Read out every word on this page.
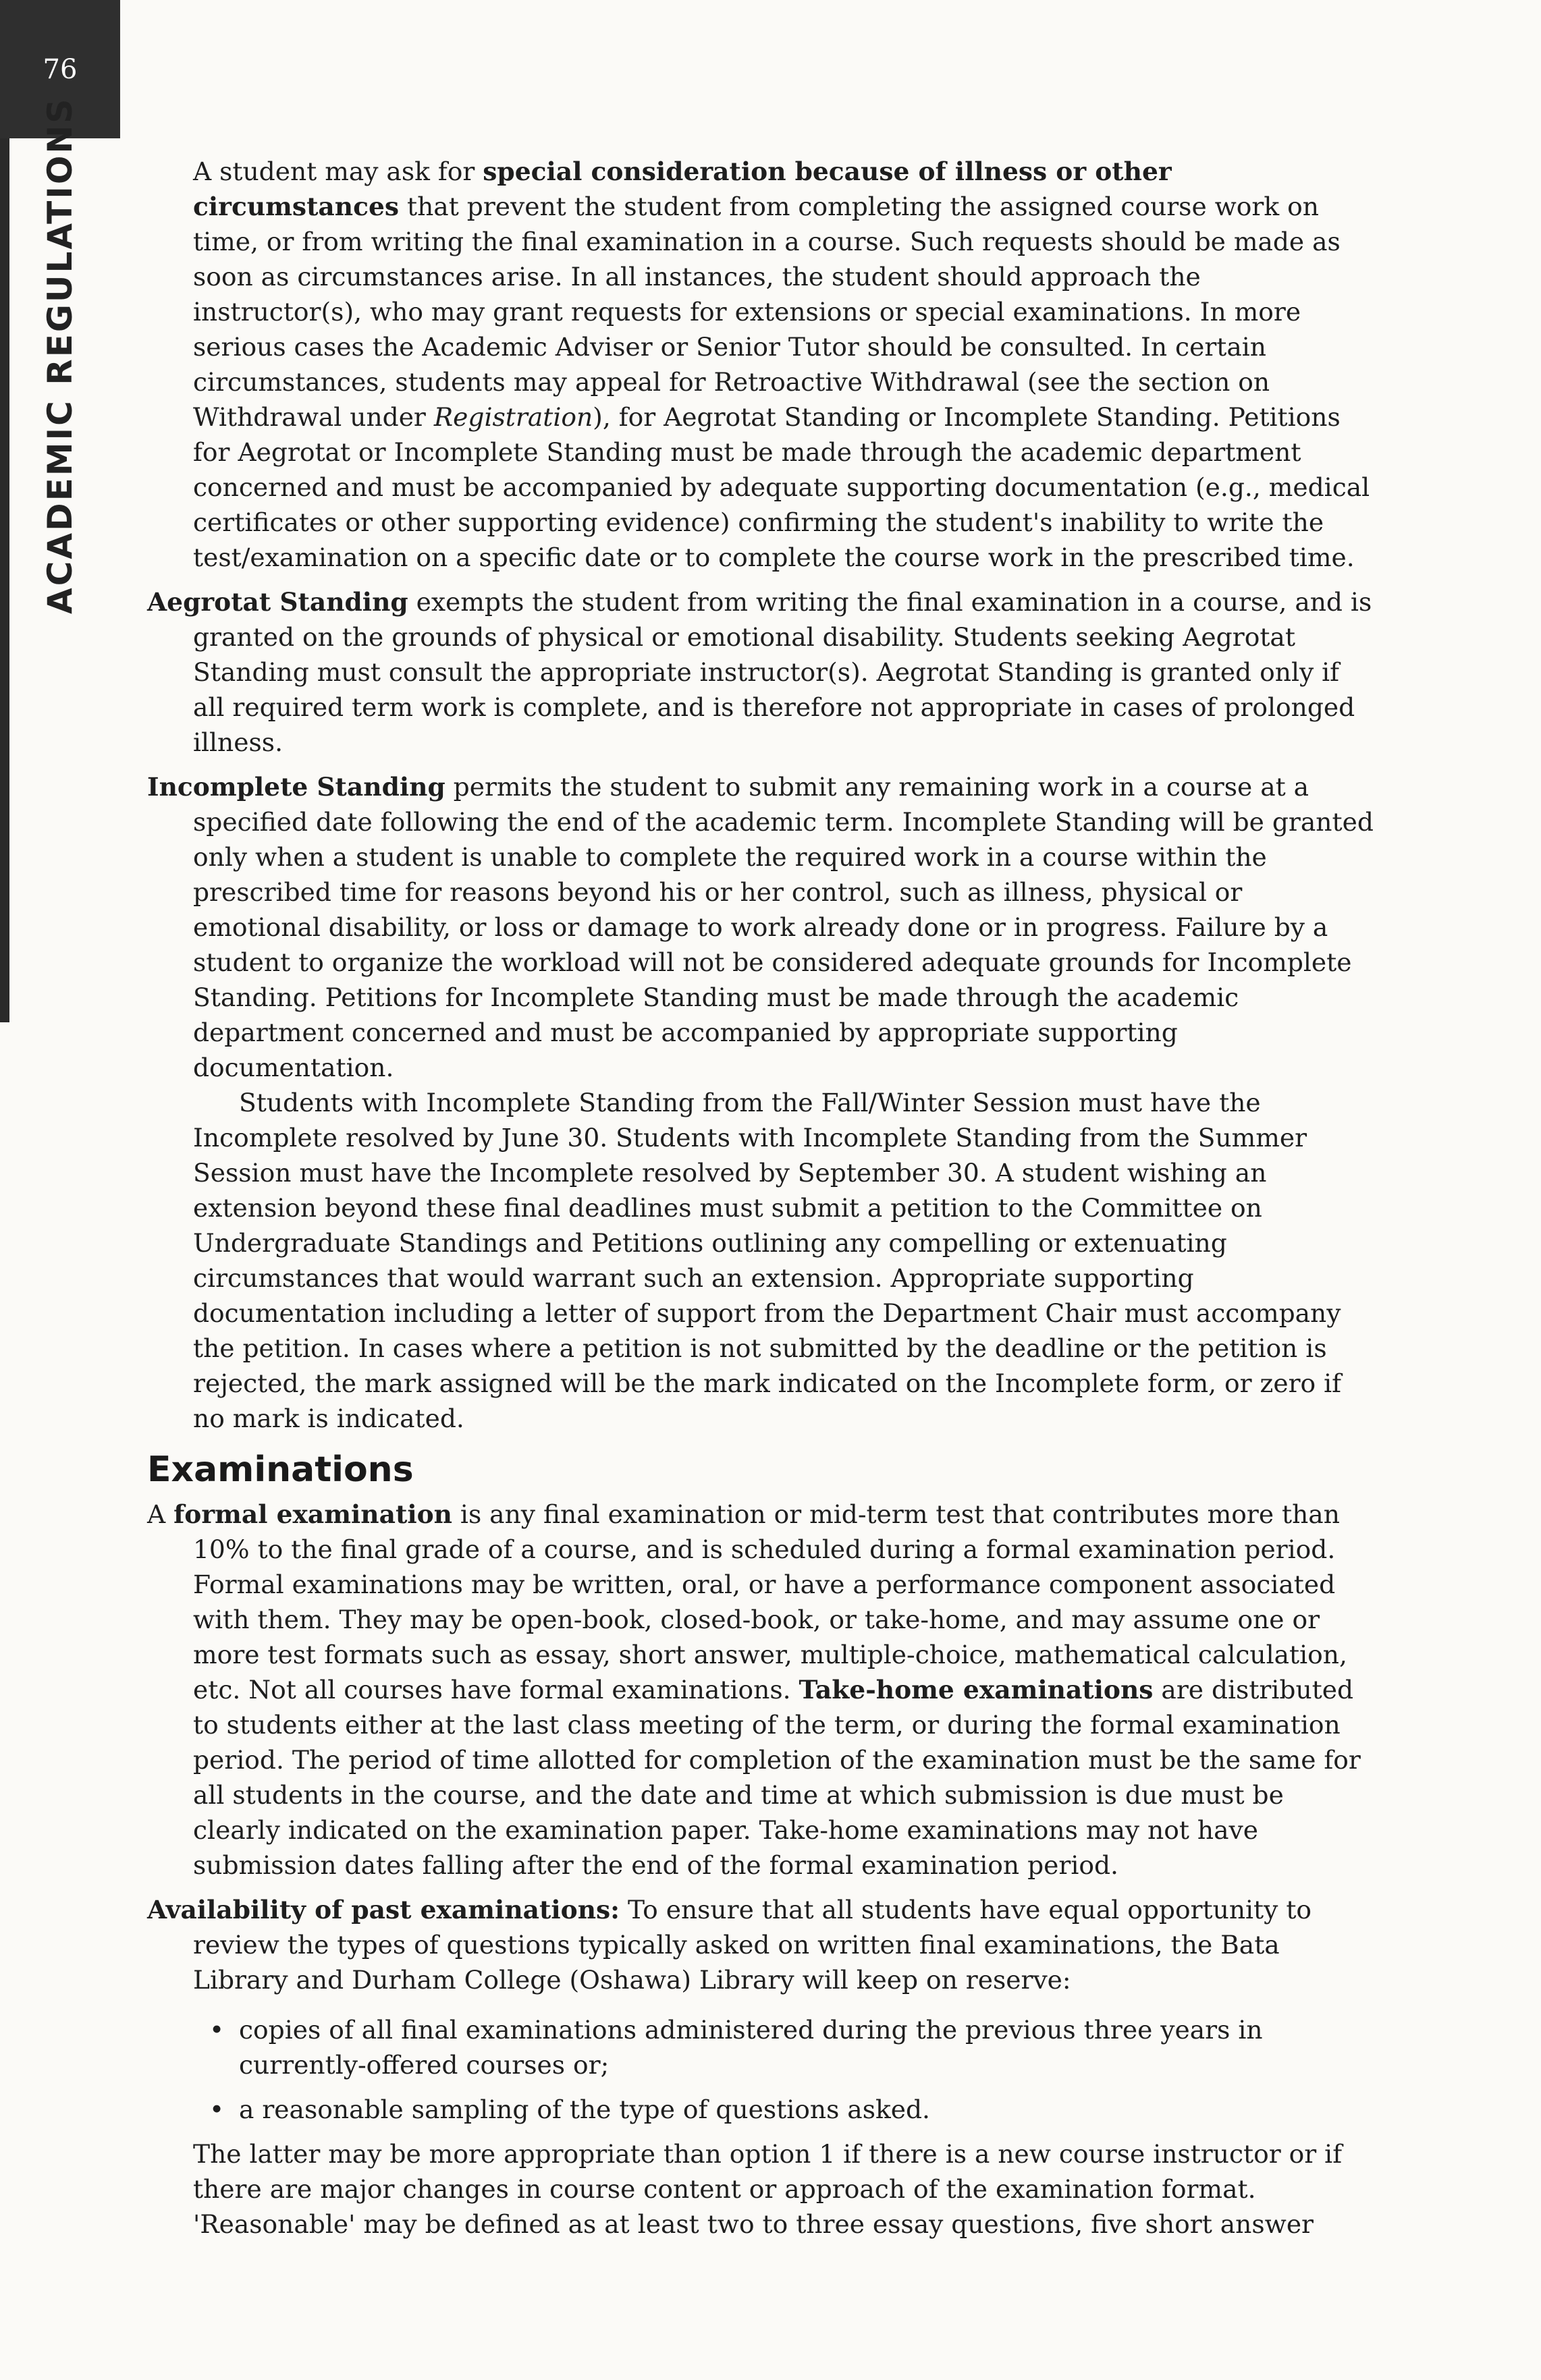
76
ACADEMIC REGULATIONS	A student may ask for special consideration because of illness or other circumstances that prevent the student from completing the assigned course work on time, or from writing the final examination in a course. Such requests should be made as soon as circumstances arise. In all instances, the student should approach the instructor(s), who may grant requests for extensions or special examinations. In more serious cases the Academic Adviser or Senior Tutor should be consulted. In certain circumstances, students may appeal for Retroactive Withdrawal (see the section on Withdrawal under Registration), for Aegrotat Standing or Incomplete Standing. Petitions for Aegrotat or Incomplete Standing must be made through the academic department concerned and must be accompanied by adequate supporting documentation (e.g., medical certificates or other supporting evidence) confirming the student's inability to write the test/examination on a specific date or to complete the course work in the prescribed time.

Aegrotat Standing exempts the student from writing the final examination in a course, and is granted on the grounds of physical or emotional disability. Students seeking Aegrotat Standing must consult the appropriate instructor(s). Aegrotat Standing is granted only if all required term work is complete, and is therefore not appropriate in cases of prolonged illness.

Incomplete Standing permits the student to submit any remaining work in a course at a specified date following the end of the academic term. Incomplete Standing will be granted only when a student is unable to complete the required work in a course within the prescribed time for reasons beyond his or her control, such as illness, physical or emotional disability, or loss or damage to work already done or in progress. Failure by a student to organize the workload will not be considered adequate grounds for Incomplete Standing. Petitions for Incomplete Standing must be made through the academic department concerned and must be accompanied by appropriate supporting documentation.

Students with Incomplete Standing from the Fall/Winter Session must have the Incomplete resolved by June 30. Students with Incomplete Standing from the Summer Session must have the Incomplete resolved by September 30. A student wishing an extension beyond these final deadlines must submit a petition to the Committee on Undergraduate Standings and Petitions outlining any compelling or extenuating circumstances that would warrant such an extension. Appropriate supporting documentation including a letter of support from the Department Chair must accompany the petition. In cases where a petition is not submitted by the deadline or the petition is rejected, the mark assigned will be the mark indicated on the Incomplete form, or zero if no mark is indicated.

Examinations

A formal examination is any final examination or mid-term test that contributes more than 10% to the final grade of a course, and is scheduled during a formal examination period. Formal examinations may be written, oral, or have a performance component associated with them. They may be open-book, closed-book, or take-home, and may assume one or more test formats such as essay, short answer, multiple-choice, mathematical calculation, etc. Not all courses have formal examinations. Take-home examinations are distributed to students either at the last class meeting of the term, or during the formal examination period. The period of time allotted for completion of the examination must be the same for all students in the course, and the date and time at which submission is due must be clearly indicated on the examination paper. Take-home examinations may not have submission dates falling after the end of the formal examination period.

Availability of past examinations: To ensure that all students have equal opportunity to review the types of questions typically asked on written final examinations, the Bata Library and Durham College (Oshawa) Library will keep on reserve:

• copies of all final examinations administered during the previous three years in currently-offered courses or;
• a reasonable sampling of the type of questions asked.

The latter may be more appropriate than option 1 if there is a new course instructor or if there are major changes in course content or approach of the examination format. 'Reasonable' may be defined as at least two to three essay questions, five short answer
